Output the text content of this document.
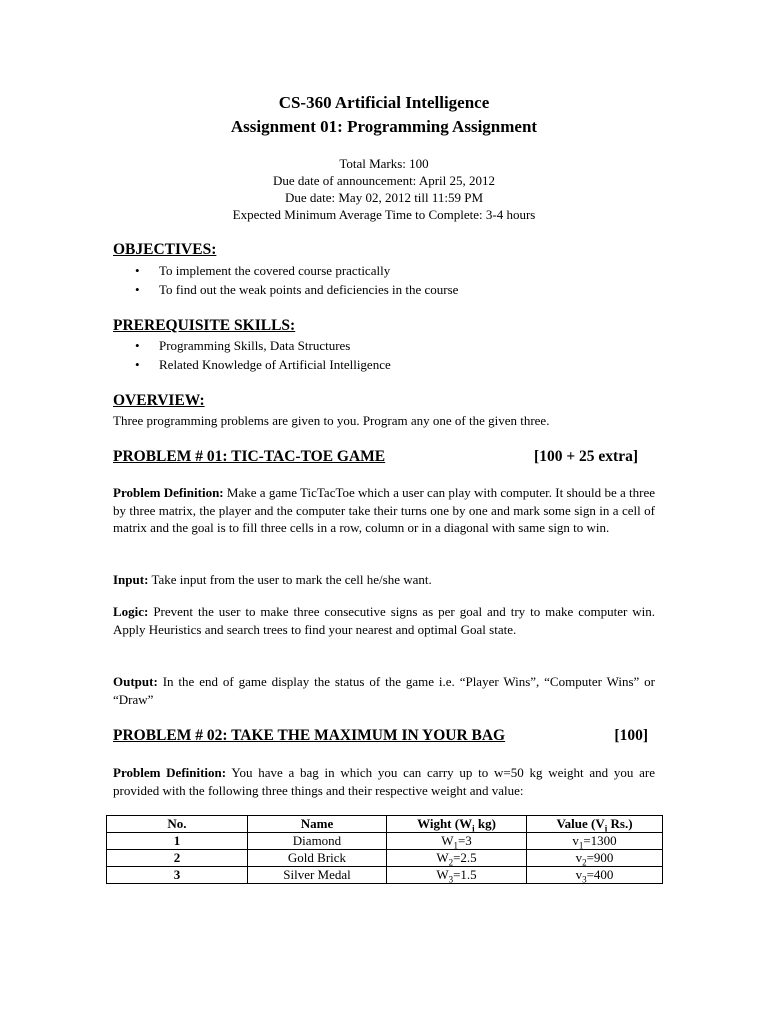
CS-360 Artificial Intelligence
Assignment 01: Programming Assignment
Total Marks: 100
Due date of announcement: April 25, 2012
Due date: May 02, 2012 till 11:59 PM
Expected Minimum Average Time to Complete: 3-4 hours
OBJECTIVES:
• To implement the covered course practically
• To find out the weak points and deficiencies in the course
PREREQUISITE SKILLS:
• Programming Skills, Data Structures
• Related Knowledge of Artificial Intelligence
OVERVIEW:
Three programming problems are given to you. Program any one of the given three.
PROBLEM # 01: TIC-TAC-TOE GAME	[100 + 25 extra]
Problem Definition: Make a game TicTacToe which a user can play with computer. It should be a three by three matrix, the player and the computer take their turns one by one and mark some sign in a cell of matrix and the goal is to fill three cells in a row, column or in a diagonal with same sign to win.
Input: Take input from the user to mark the cell he/she want.
Logic: Prevent the user to make three consecutive signs as per goal and try to make computer win. Apply Heuristics and search trees to find your nearest and optimal Goal state.
Output: In the end of game display the status of the game i.e. “Player Wins”, “Computer Wins” or “Draw”
PROBLEM # 02: TAKE THE MAXIMUM IN YOUR BAG	[100]
Problem Definition: You have a bag in which you can carry up to w=50 kg weight and you are provided with the following three things and their respective weight and value:
No.	Name	Wight ($W_i$ kg)	Value ($V_i$ Rs.)
1	Diamond	$W_1=3$	$v_1=1300$
2	Gold Brick	$W_2=2.5$	$v_2=900$
3	Silver Medal	$W_3=1.5$	$v_3=400$
